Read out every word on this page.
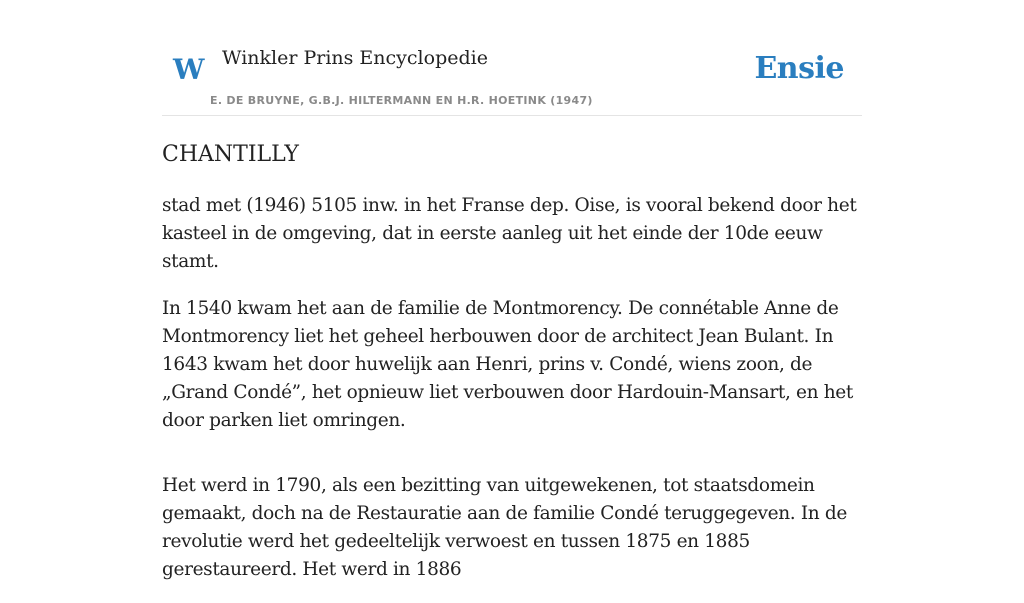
W Winkler Prins Encyclopedie
E. DE BRUYNE, G.B.J. HILTERMANN EN H.R. HOETINK (1947)
Ensie
CHANTILLY

stad met (1946) 5105 inw. in het Franse dep. Oise, is vooral bekend door het kasteel in de omgeving, dat in eerste aanleg uit het einde der 10de eeuw stamt.

In 1540 kwam het aan de familie de Montmorency. De connétable Anne de Montmorency liet het geheel herbouwen door de architect Jean Bulant. In 1643 kwam het door huwelijk aan Henri, prins v. Condé, wiens zoon, de „Grand Condé”, het opnieuw liet verbouwen door Hardouin-Mansart, en het door parken liet omringen.

Het werd in 1790, als een bezitting van uitgewekenen, tot staatsdomein gemaakt, doch na de Restauratie aan de familie Condé teruggegeven. In de revolutie werd het gedeeltelijk verwoest en tussen 1875 en 1885 gerestaureerd. Het werd in 1886
